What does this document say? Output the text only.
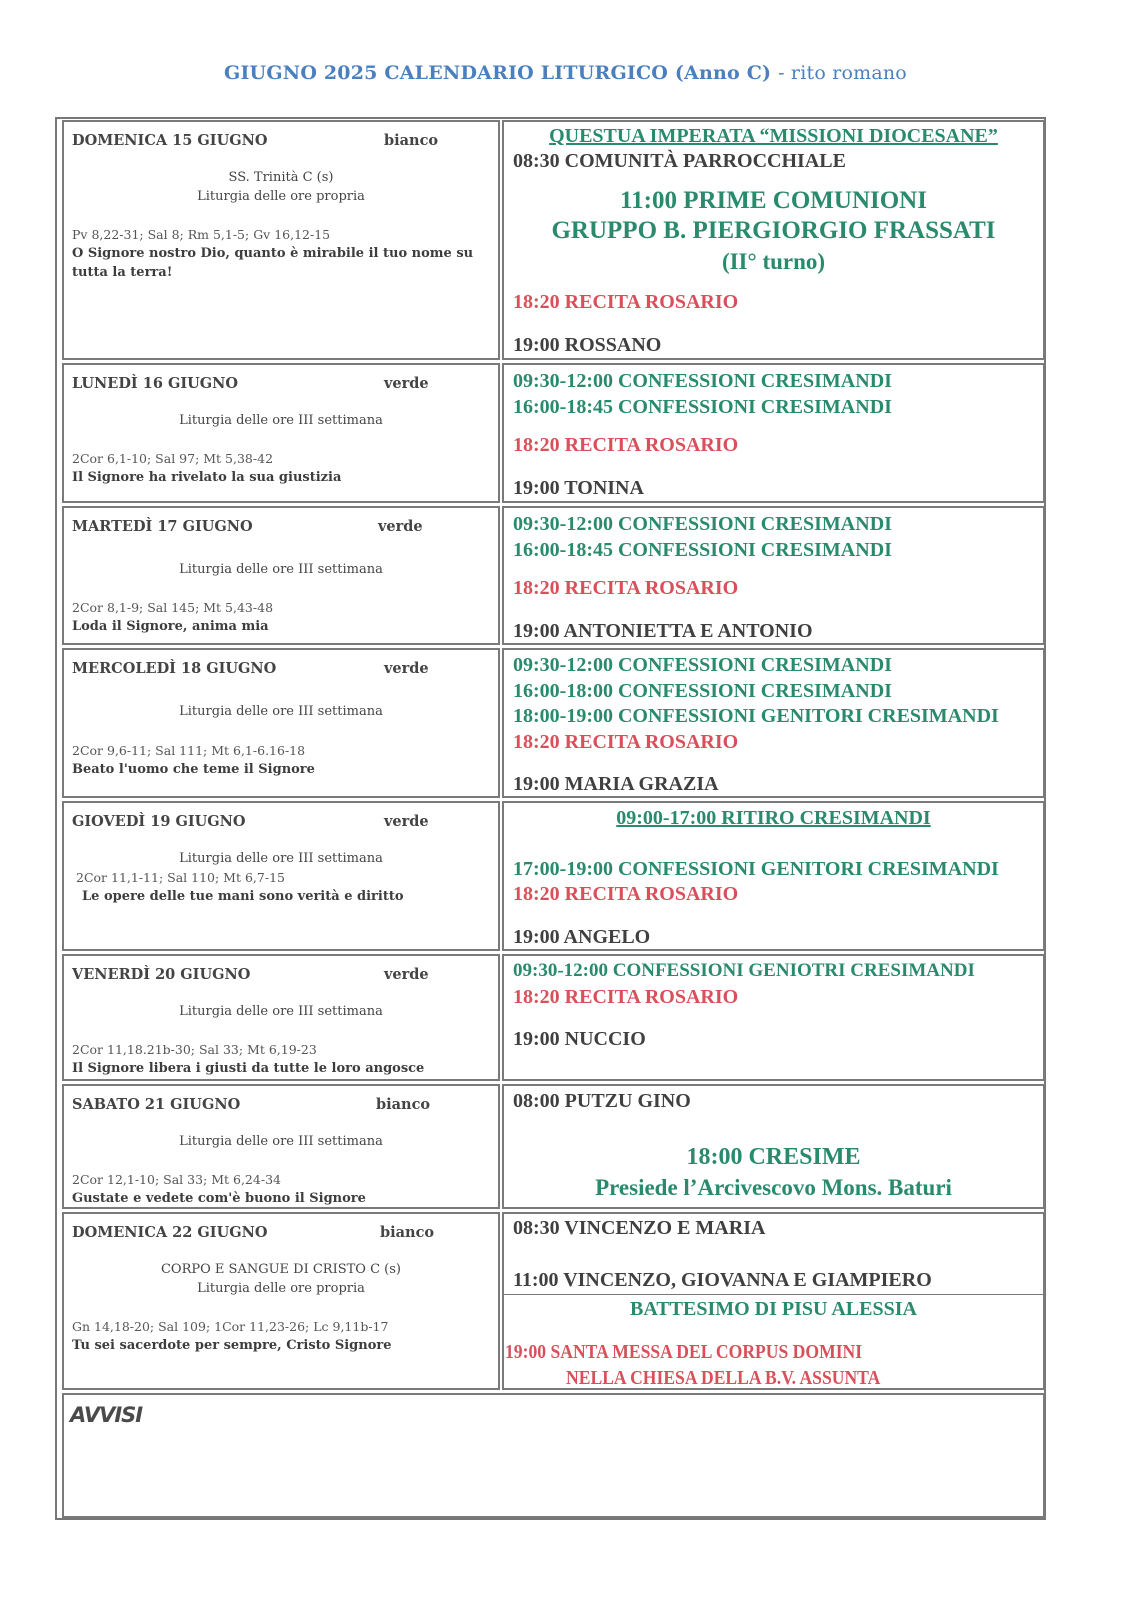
GIUGNO 2025 CALENDARIO LITURGICO (Anno C) - rito romano
DOMENICA 15 GIUGNO	bianco
SS. Trinità C (s)
Liturgia delle ore propria
Pv 8,22-31; Sal 8; Rm 5,1-5; Gv 16,12-15
O Signore nostro Dio, quanto è mirabile il tuo nome su tutta la terra!
QUESTUA IMPERATA “MISSIONI DIOCESANE”
08:30 COMUNITÀ PARROCCHIALE
11:00 PRIME COMUNIONI
GRUPPO B. PIERGIORGIO FRASSATI
(II° turno)
18:20 RECITA ROSARIO
19:00 ROSSANO
LUNEDÌ 16 GIUGNO	verde
Liturgia delle ore III settimana
2Cor 6,1-10; Sal 97; Mt 5,38-42
Il Signore ha rivelato la sua giustizia
09:30-12:00 CONFESSIONI CRESIMANDI
16:00-18:45 CONFESSIONI CRESIMANDI
18:20 RECITA ROSARIO
19:00 TONINA
MARTEDÌ 17 GIUGNO	verde
Liturgia delle ore III settimana
2Cor 8,1-9; Sal 145; Mt 5,43-48
Loda il Signore, anima mia
09:30-12:00 CONFESSIONI CRESIMANDI
16:00-18:45 CONFESSIONI CRESIMANDI
18:20 RECITA ROSARIO
19:00 ANTONIETTA E ANTONIO
MERCOLEDÌ 18 GIUGNO	verde
Liturgia delle ore III settimana
2Cor 9,6-11; Sal 111; Mt 6,1-6.16-18
Beato l'uomo che teme il Signore
09:30-12:00 CONFESSIONI CRESIMANDI
16:00-18:00 CONFESSIONI CRESIMANDI
18:00-19:00 CONFESSIONI GENITORI CRESIMANDI
18:20 RECITA ROSARIO
19:00 MARIA GRAZIA
GIOVEDÌ 19 GIUGNO	verde
Liturgia delle ore III settimana
2Cor 11,1-11; Sal 110; Mt 6,7-15
Le opere delle tue mani sono verità e diritto
09:00-17:00 RITIRO CRESIMANDI
17:00-19:00 CONFESSIONI GENITORI CRESIMANDI
18:20 RECITA ROSARIO
19:00 ANGELO
VENERDÌ 20 GIUGNO	verde
Liturgia delle ore III settimana
2Cor 11,18.21b-30; Sal 33; Mt 6,19-23
Il Signore libera i giusti da tutte le loro angosce
09:30-12:00 CONFESSIONI GENIOTRI CRESIMANDI
18:20 RECITA ROSARIO
19:00 NUCCIO
SABATO 21 GIUGNO	bianco
Liturgia delle ore III settimana
2Cor 12,1-10; Sal 33; Mt 6,24-34
Gustate e vedete com'è buono il Signore
08:00 PUTZU GINO
18:00 CRESIME
Presiede l’Arcivescovo Mons. Baturi
DOMENICA 22 GIUGNO	bianco
CORPO E SANGUE DI CRISTO C (s)
Liturgia delle ore propria
Gn 14,18-20; Sal 109; 1Cor 11,23-26; Lc 9,11b-17
Tu sei sacerdote per sempre, Cristo Signore
08:30 VINCENZO E MARIA
11:00 VINCENZO, GIOVANNA E GIAMPIERO
BATTESIMO DI PISU ALESSIA
19:00 SANTA MESSA DEL CORPUS DOMINI
NELLA CHIESA DELLA B.V. ASSUNTA
AVVISI
